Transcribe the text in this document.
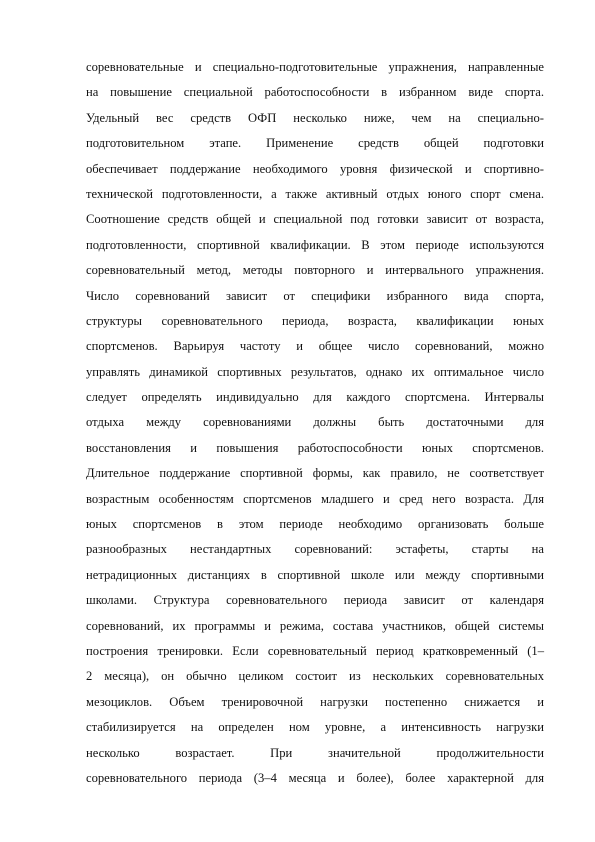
соревновательные и специально-подготовительные упражнения, направленные
на повышение специальной работоспособности в избранном виде спорта.
Удельный вес средств ОФП несколько ниже, чем на специально-
подготовительном этапе. Применение средств общей подготовки
обеспечивает поддержание необходимого уровня физической и спортивно-
технической подготовленности, а также активный отдых юного спорт смена.
Соотношение средств общей и специальной под готовки зависит от возраста,
подготовленности, спортивной квалификации. В этом периоде используются
соревновательный метод, методы повторного и интервального упражнения.
Число соревнований зависит от специфики избранного вида спорта,
структуры соревновательного периода, возраста, квалификации юных
спортсменов. Варьируя частоту и общее число соревнований, можно
управлять динамикой спортивных результатов, однако их оптимальное число
следует определять индивидуально для каждого спортсмена. Интервалы
отдыха между соревнованиями должны быть достаточными для
восстановления и повышения работоспособности юных спортсменов.
Длительное поддержание спортивной формы, как правило, не соответствует
возрастным особенностям спортсменов младшего и сред него возраста. Для
юных спортсменов в этом периоде необходимо организовать больше
разнообразных нестандартных соревнований: эстафеты, старты на
нетрадиционных дистанциях в спортивной школе или между спортивными
школами. Структура соревновательного периода зависит от календаря
соревнований, их программы и режима, состава участников, общей системы
построения тренировки. Если соревновательный период кратковременный (1–
2 месяца), он обычно целиком состоит из нескольких соревновательных
мезоциклов. Объем тренировочной нагрузки постепенно снижается и
стабилизируется на определен ном уровне, а интенсивность нагрузки
несколько возрастает. При значительной продолжительности
соревновательного периода (3–4 месяца и более), более характерной для
